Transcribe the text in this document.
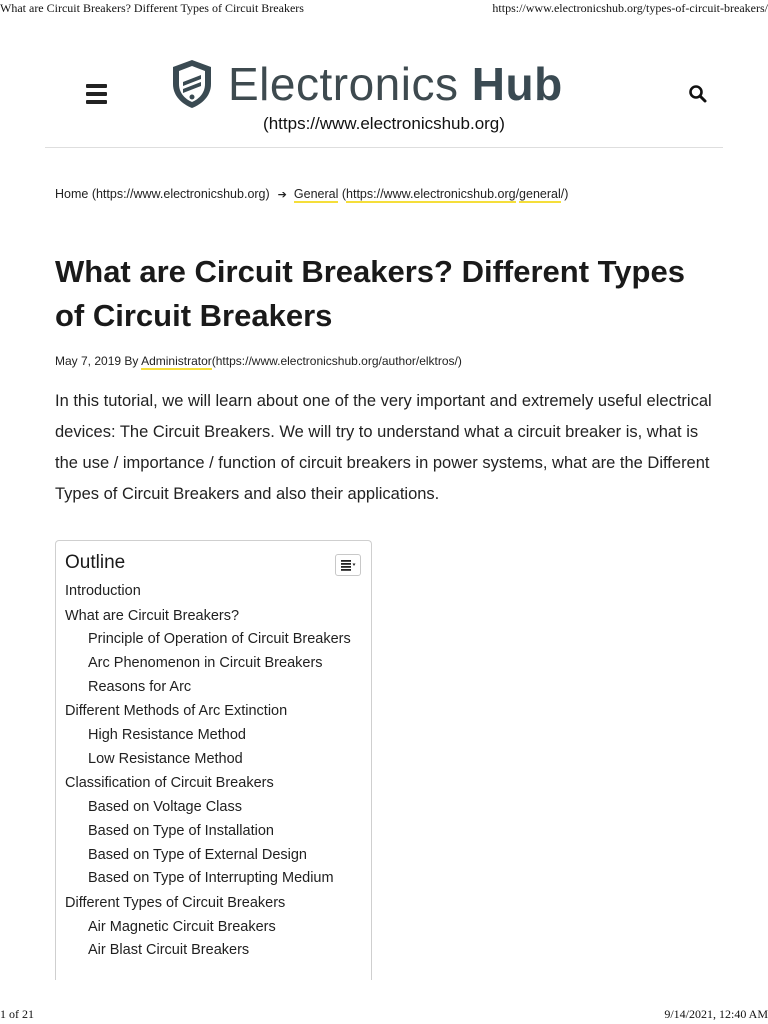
What are Circuit Breakers? Different Types of Circuit Breakers	https://www.electronicshub.org/types-of-circuit-breakers/
Electronics Hub
(https://www.electronicshub.org)
Home (https://www.electronicshub.org) ➔ General (https://www.electronicshub.org/general/)
What are Circuit Breakers? Different Types of Circuit Breakers
May 7, 2019 By Administrator(https://www.electronicshub.org/author/elktros/)

In this tutorial, we will learn about one of the very important and extremely useful electrical devices: The Circuit Breakers. We will try to understand what a circuit breaker is, what is the use / importance / function of circuit breakers in power systems, what are the Different Types of Circuit Breakers and also their applications.

Outline
Introduction
What are Circuit Breakers?
Principle of Operation of Circuit Breakers
Arc Phenomenon in Circuit Breakers
Reasons for Arc
Different Methods of Arc Extinction
High Resistance Method
Low Resistance Method
Classification of Circuit Breakers
Based on Voltage Class
Based on Type of Installation
Based on Type of External Design
Based on Type of Interrupting Medium
Different Types of Circuit Breakers
Air Magnetic Circuit Breakers
Air Blast Circuit Breakers
1 of 21	9/14/2021, 12:40 AM
